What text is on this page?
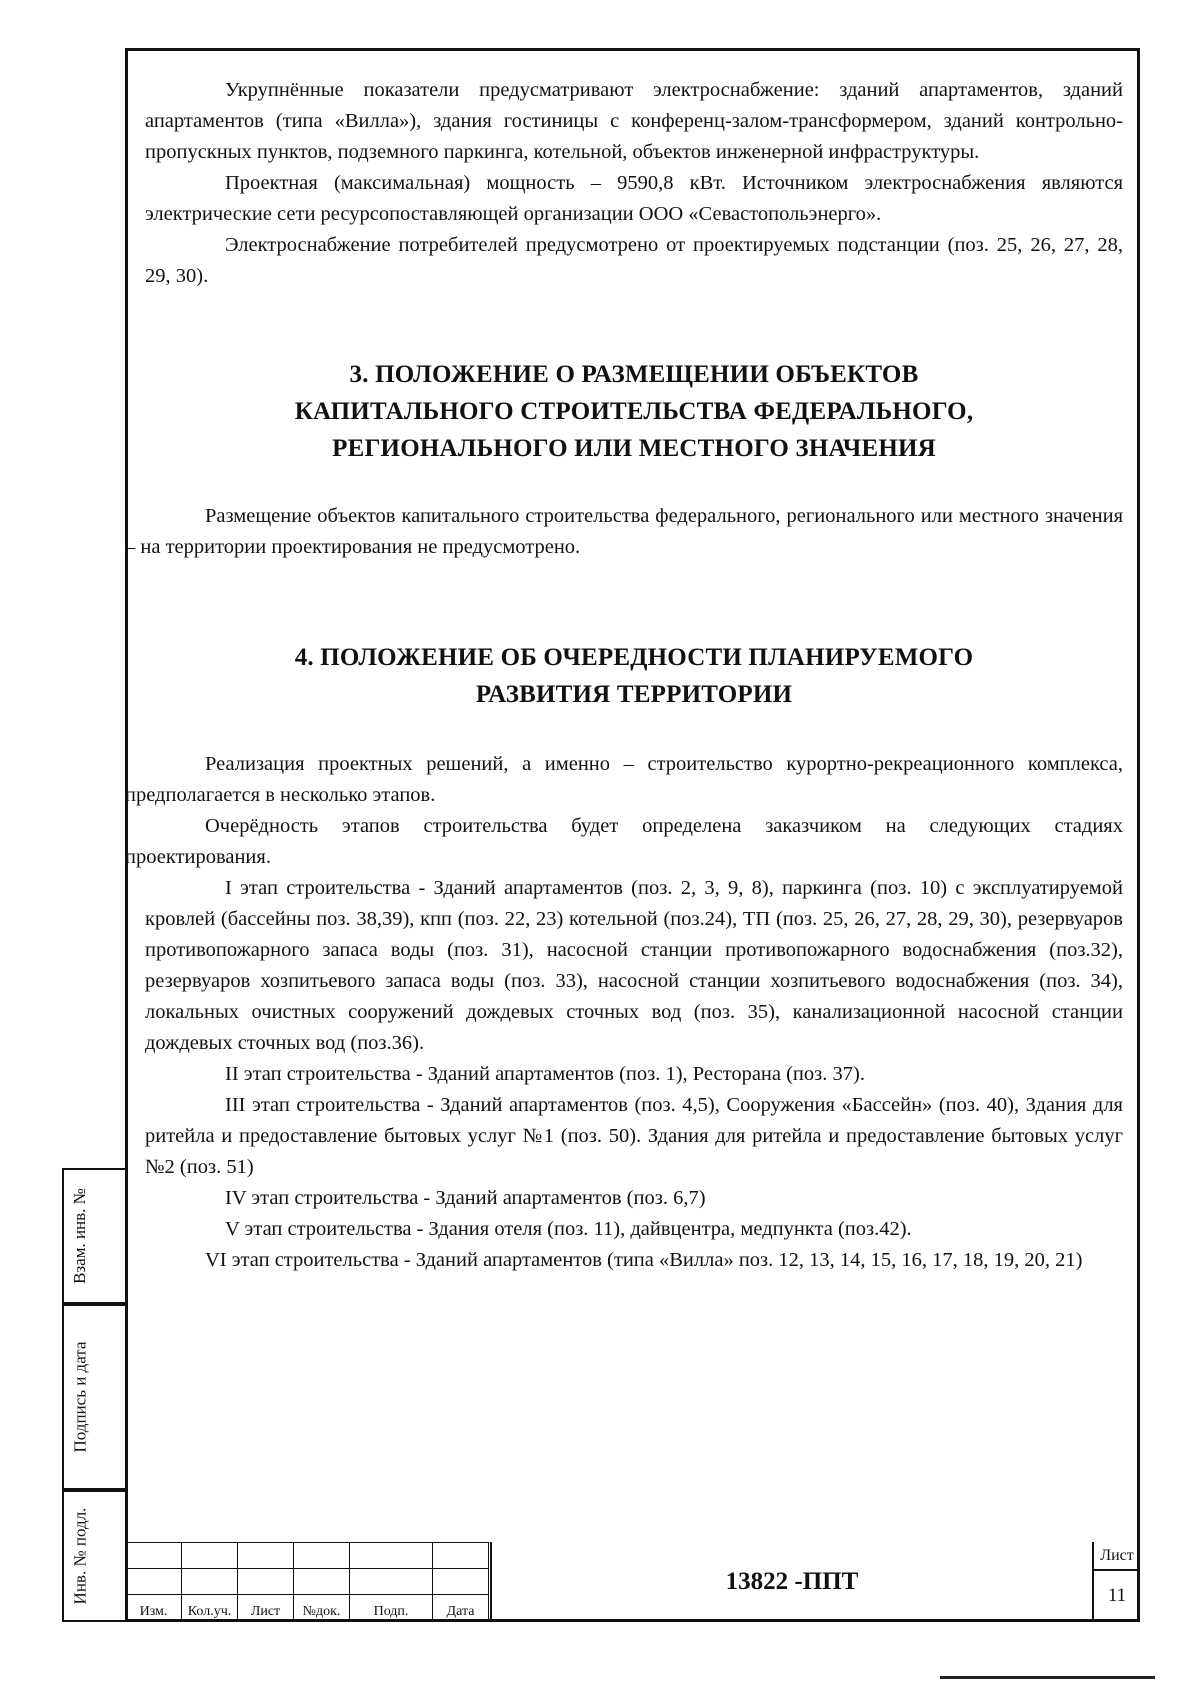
Укрупнённые показатели предусматривают электроснабжение: зданий апартаментов, зданий апартаментов (типа «Вилла»), здания гостиницы с конференц-залом-трансформером, зданий контрольно-пропускных пунктов, подземного паркинга, котельной, объектов инженерной инфраструктуры.

Проектная (максимальная) мощность – 9590,8 кВт. Источником электроснабжения являются электрические сети ресурсопоставляющей организации ООО «Севастопольэнерго».

Электроснабжение потребителей предусмотрено от проектируемых подстанции (поз. 25, 26, 27, 28, 29, 30).

3. ПОЛОЖЕНИЕ О РАЗМЕЩЕНИИ ОБЪЕКТОВ
КАПИТАЛЬНОГО СТРОИТЕЛЬСТВА ФЕДЕРАЛЬНОГО,
РЕГИОНАЛЬНОГО ИЛИ МЕСТНОГО ЗНАЧЕНИЯ

Размещение объектов капитального строительства федерального, регионального или местного значения – на территории проектирования не предусмотрено.

4. ПОЛОЖЕНИЕ ОБ ОЧЕРЕДНОСТИ ПЛАНИРУЕМОГО
РАЗВИТИЯ ТЕРРИТОРИИ

Реализация проектных решений, а именно – строительство курортно-рекреационного комплекса, предполагается в несколько этапов.

Очерёдность этапов строительства будет определена заказчиком на следующих стадиях проектирования.

I этап строительства - Зданий апартаментов (поз. 2, 3, 9, 8), паркинга (поз. 10) с эксплуатируемой кровлей (бассейны поз. 38,39), кпп (поз. 22, 23) котельной (поз.24), ТП (поз. 25, 26, 27, 28, 29, 30), резервуаров противопожарного запаса воды (поз. 31), насосной станции противопожарного водоснабжения (поз.32), резервуаров хозпитьевого запаса воды (поз. 33), насосной станции хозпитьевого водоснабжения (поз. 34), локальных очистных сооружений дождевых сточных вод (поз. 35), канализационной насосной станции дождевых сточных вод (поз.36).

II этап строительства - Зданий апартаментов (поз. 1), Ресторана (поз. 37).

III этап строительства - Зданий апартаментов (поз. 4,5), Сооружения «Бассейн» (поз. 40), Здания для ритейла и предоставление бытовых услуг №1 (поз. 50). Здания для ритейла и предоставление бытовых услуг №2 (поз. 51)

IV этап строительства - Зданий апартаментов (поз. 6,7)

V этап строительства - Здания отеля (поз. 11), дайвцентра, медпункта (поз.42).

VI этап строительства - Зданий апартаментов (типа «Вилла» поз. 12, 13, 14, 15, 16, 17, 18, 19, 20, 21)

Взам. инв. №
Подпись и дата
Инв. № подл.

Изм.	Кол.уч.	Лист	№док.	Подп.	Дата
13822 -ППТ
Лист
11
